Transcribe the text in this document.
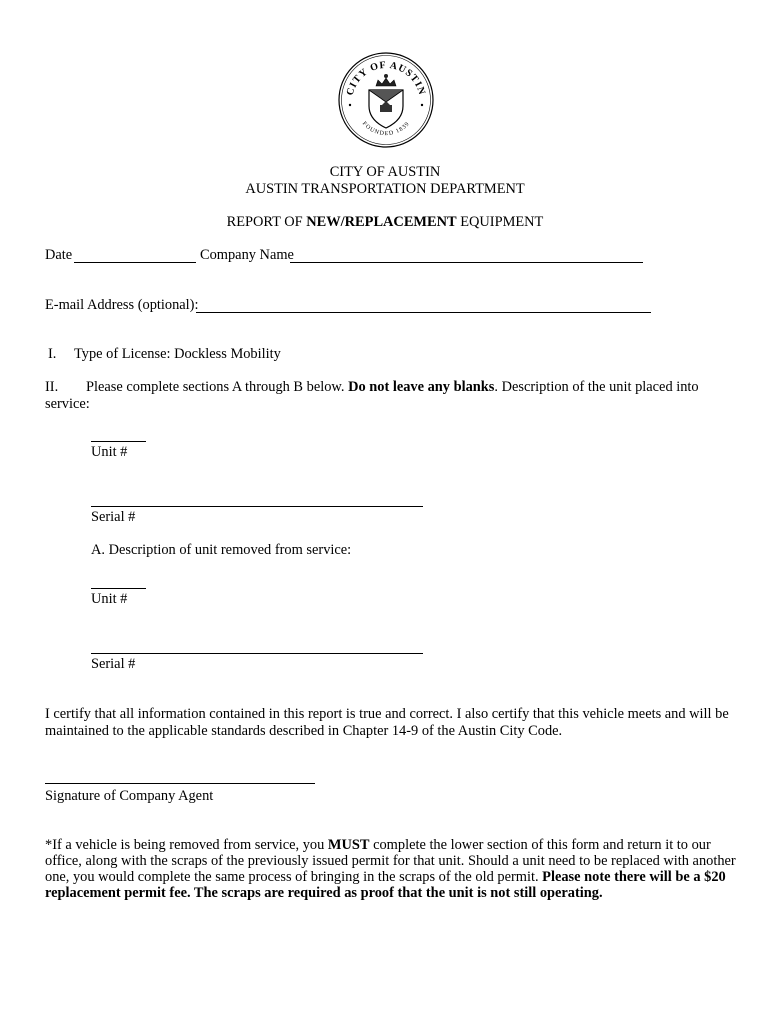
CITY OF AUSTIN
FOUNDED 1839
CITY OF AUSTIN
AUSTIN TRANSPORTATION DEPARTMENT
REPORT OF NEW/REPLACEMENT EQUIPMENT
Date	Company Name
E-mail Address (optional):
I. Type of License: Dockless Mobility
II. Please complete sections A through B below. Do not leave any blanks. Description of the unit placed into
service:
Unit #
Serial #
A. Description of unit removed from service:
Unit #
Serial #
I certify that all information contained in this report is true and correct. I also certify that this vehicle meets and will be
maintained to the applicable standards described in Chapter 14-9 of the Austin City Code.
Signature of Company Agent
*If a vehicle is being removed from service, you MUST complete the lower section of this form and return it to our
office, along with the scraps of the previously issued permit for that unit. Should a unit need to be replaced with another
one, you would complete the same process of bringing in the scraps of the old permit. Please note there will be a $20
replacement permit fee. The scraps are required as proof that the unit is not still operating.
